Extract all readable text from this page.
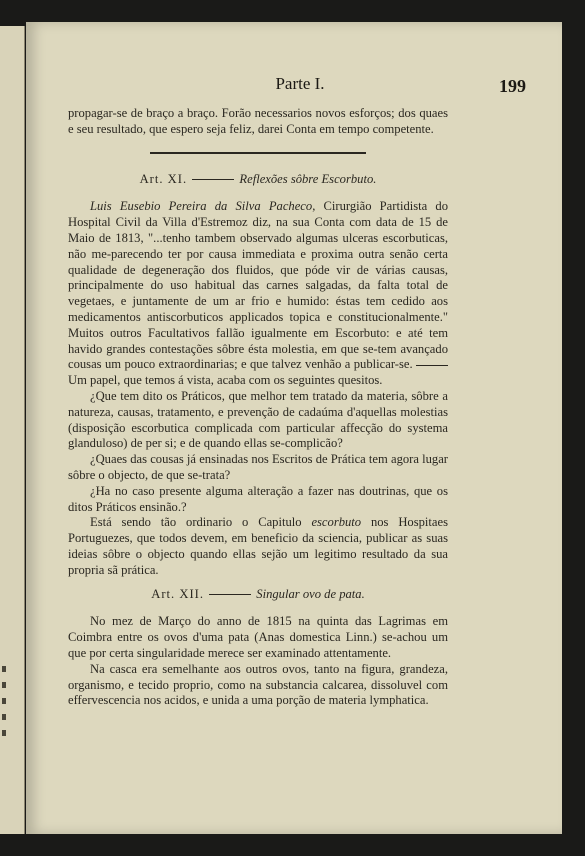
Parte I.	199

propagar-se de braço a braço. Forão necessarios novos esforços; dos quaes e seu resultado, que espero seja feliz, darei Conta em tempo competente.

Art. XI.	Reflexões sôbre Escorbuto.

Luis Eusebio Pereira da Silva Pacheco, Cirurgião Partidista do Hospital Civil da Villa d'Estremoz diz, na sua Conta com data de 15 de Maio de 1813, "...tenho tambem observado algumas ulceras escorbuticas, não me-parecendo ter por causa immediata e proxima outra senão certa qualidade de degeneração dos fluidos, que póde vir de várias causas, principalmente do uso habitual das carnes salgadas, da falta total de vegetaes, e juntamente de um ar frio e humido: éstas tem cedido aos medicamentos antiscorbuticos applicados topica e constitucionalmente." Muitos outros Facultativos fallão igualmente em Escorbuto: e até tem havido grandes contestações sôbre ésta molestia, em que se-tem avançado cousas um pouco extraordinarias; e que talvez venhão a publicar-se.  Um papel, que temos á vista, acaba com os seguintes quesitos.

¿Que tem dito os Práticos, que melhor tem tratado da materia, sôbre a natureza, causas, tratamento, e prevenção de cadaúma d'aquellas molestias (disposição escorbutica complicada com particular affecção do systema glanduloso) de per si; e de quando ellas se-complicão?

¿Quaes das cousas já ensinadas nos Escritos de Prática tem agora lugar sôbre o objecto, de que se-trata?

¿Ha no caso presente alguma alteração a fazer nas doutrinas, que os ditos Práticos ensinão.?

Está sendo tão ordinario o Capitulo escorbuto nos Hospitaes Portuguezes, que todos devem, em beneficio da sciencia, publicar as suas ideias sôbre o objecto quando ellas sejão um legitimo resultado da sua propria sã prática.

Art. XII.	Singular ovo de pata.

No mez de Março do anno de 1815 na quinta das Lagrimas em Coimbra entre os ovos d'uma pata (Anas domestica Linn.) se-achou um que por certa singularidade merece ser examinado attentamente.

Na casca era semelhante aos outros ovos, tanto na figura, grandeza, organismo, e tecido proprio, como na substancia calcarea, dissoluvel com effervescencia nos acidos, e unida a uma porção de materia lymphatica.
